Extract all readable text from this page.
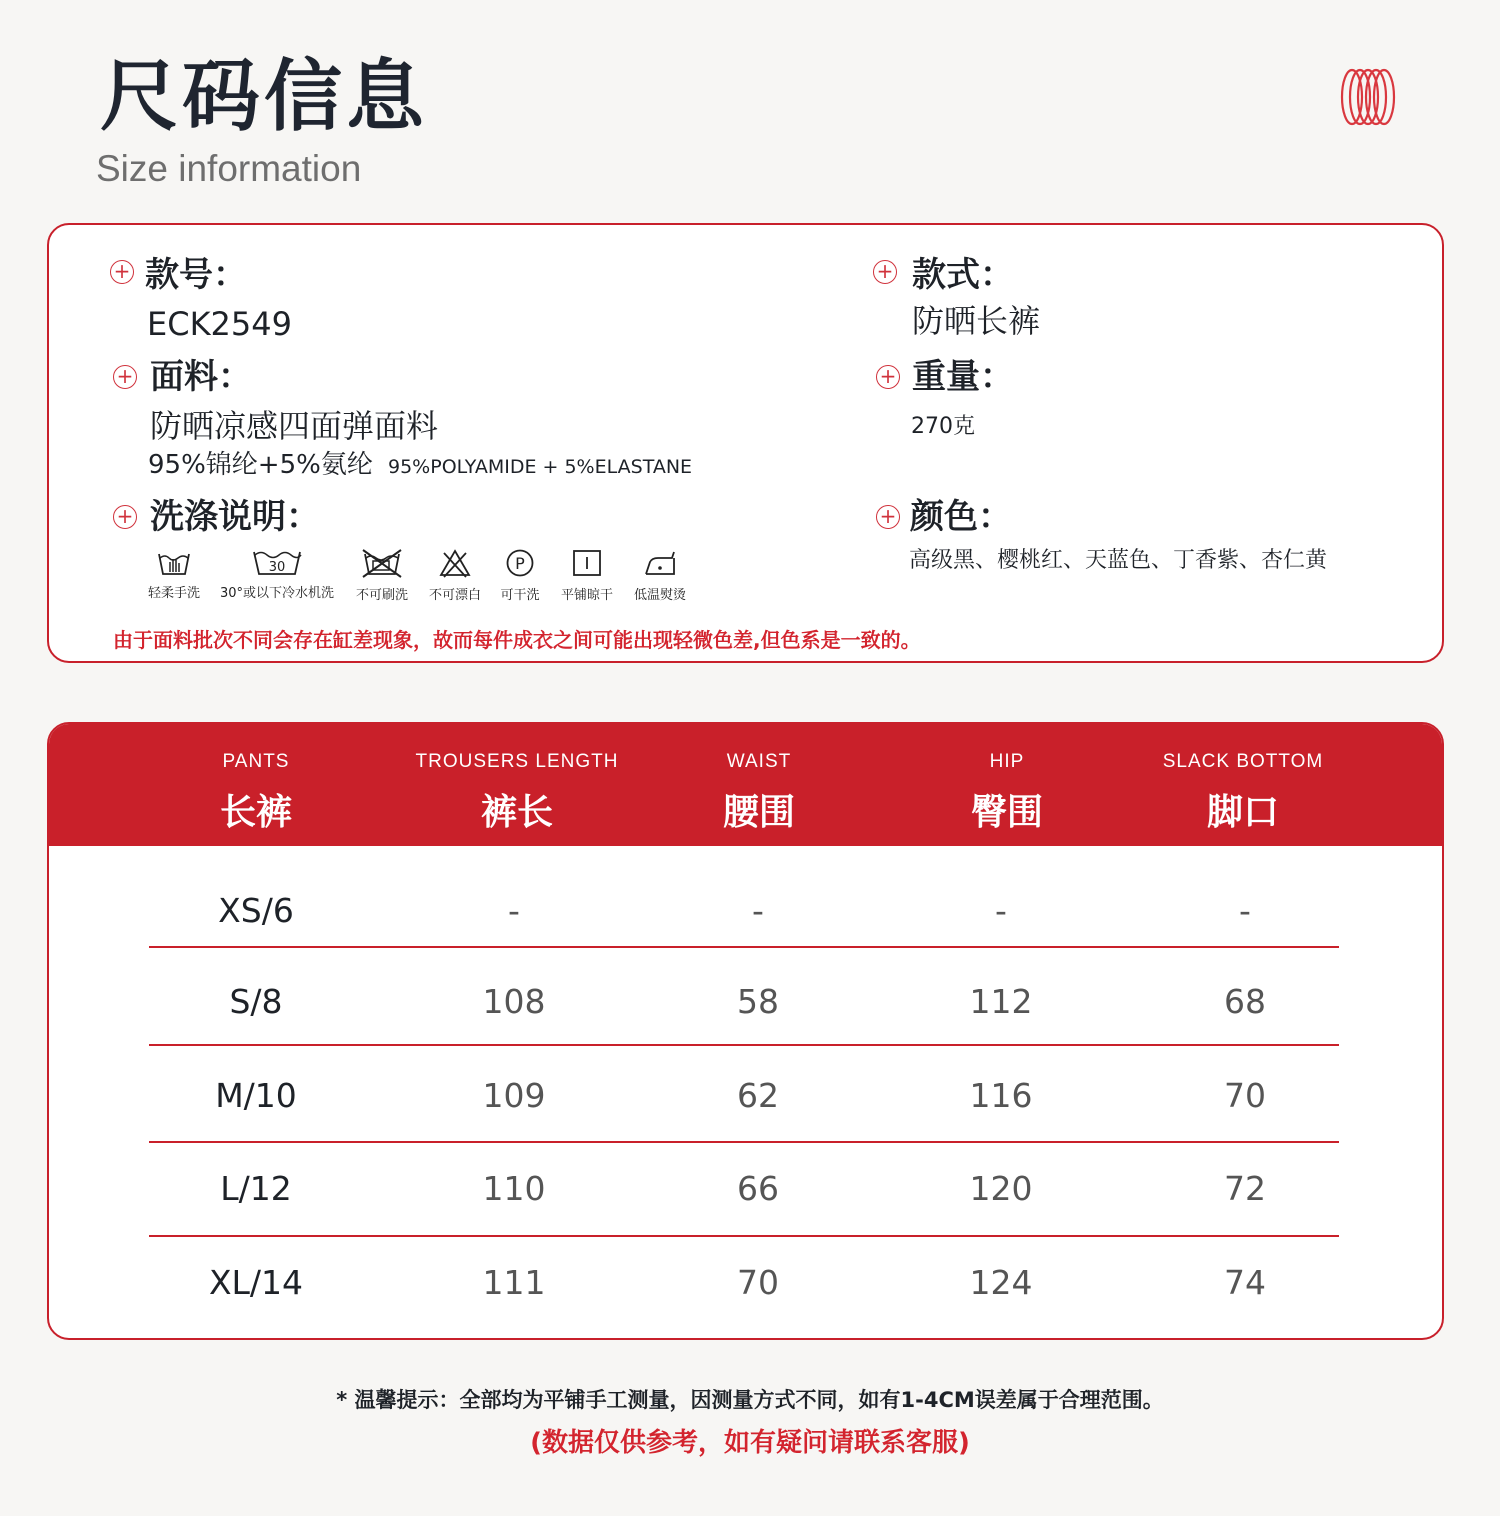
尺码信息
Size information
+ 款号：
ECK2549
+ 面料：
防晒凉感四面弹面料
95%锦纶+5%氨纶 95%POLYAMIDE + 5%ELASTANE
+ 洗涤说明：
+ 款式：
防晒长裤
+ 重量：
270克
+ 颜色：
高级黑、樱桃红、天蓝色、丁香紫、杏仁黄
轻柔手洗
30
30°或以下冷水机洗	不可刷洗	不可漂白
P
可干洗	平铺晾干	低温熨烫
由于面料批次不同会存在缸差现象，故而每件成衣之间可能出现轻微色差,但色系是一致的。
PANTS
长裤
TROUSERS LENGTH
裤长
WAIST
腰围
HIP
臀围
SLACK BOTTOM
脚口
XS/6	-	-	-	-
S/8	108	58	112	68
M/10	109	62	116	70
L/12	110	66	120	72
XL/14	111	70	124	74
* 温馨提示：全部均为平铺手工测量，因测量方式不同，如有1-4CM误差属于合理范围。
(数据仅供参考，如有疑问请联系客服)
